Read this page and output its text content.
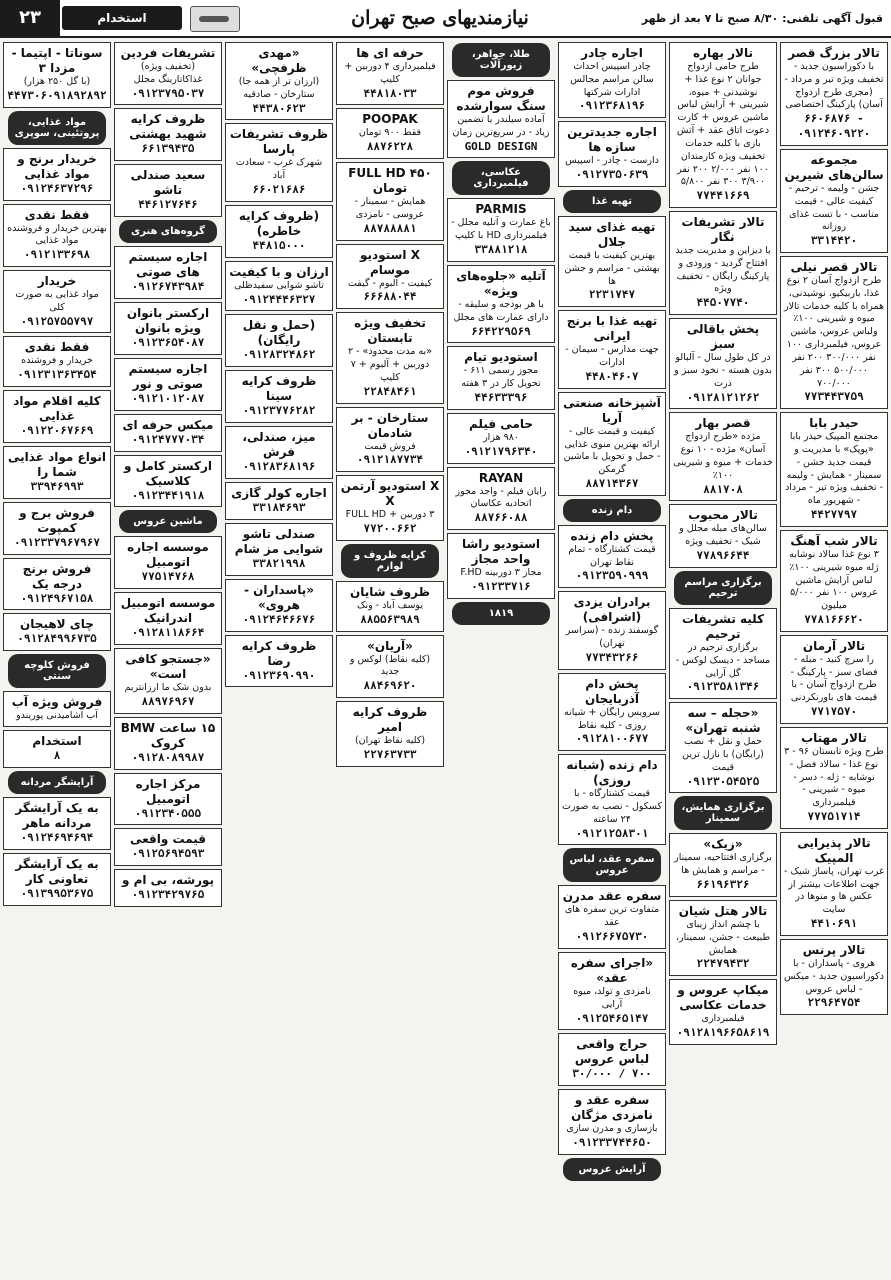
۲۳	استخدام	نیازمندیهای صبح تهران	قبول آگهی تلفنی: ۸/۳۰ صبح تا ۷ بعد از ظهر
تالار بزرگ قصر
با دکوراسیون جدید - تخفیف ویژه تیر و مرداد - (مجری طرح ازدواج آسان) پارکینگ اختصاصی
۶۶۰۶۸۷۶ - ۰۹۱۲۴۶۰۹۲۲۰
مجموعه سالن‌های شیرین
جشن - ولیمه - ترحیم - کیفیت عالی - قیمت مناسب - با تست غذای روزانه
۳۳۱۴۴۲۰
تالار قصر نیلی
طرح ازدواج آسان ۲ نوع غذا، باربیکیو، نوشیدنی، همراه با کلیه خدمات تالار میوه و شیرینی ۱۰۰٪ ولباس عروس، ماشین عروس، فیلمبرداری ۱۰۰ نفر ۳۰۰/۰۰۰ ۲۰۰ نفر ۵۰۰/۰۰۰ ۳۰۰ نفر ۷۰۰/۰۰۰
۷۷۳۴۴۳۷۵۹
حیدر بابا
مجتمع المپیک حیدر بابا «پوپک» با مدیریت و قیمت جدید جشن - سمینار - همایش - ولیمه - تخفیف ویژه تیر - مرداد - شهریور ماه
۴۴۲۷۷۹۷
تالار شب آهنگ
۳ نوع غذا سالاد نوشابه ژله میوه شیرینی ۱۰۰٪ لباس آرایش ماشین عروس ۱۰۰ نفر ۵/۰۰۰ میلیون
۷۷۸۱۶۶۶۲۰
تالار آرمان
را سرچ کنید - مبله - فضای سبز - پارکینگ - طرح ازدواج آسان - با قیمت های باورنکردنی
۷۷۱۷۵۷۰
تالار مهتاب
طرح ویژه تابستان ۹۶ - ۳ نوع غذا - سالاد فصل - نوشابه - ژله - دسر - میوه - شیرینی - فیلمبرداری
۷۷۷۵۱۷۱۴
تالار پذیرایی المپیک
غرب تهران، پاساژ شیک - جهت اطلاعات بیشتر از عکس ها و منوها در سایت
۴۴۱۰۶۹۱
تالار پرنس
هروی - پاسداران - با دکوراسیون جدید - میکس - لباس عروس
۲۲۹۶۴۷۵۴
تالار بهاره
طرح حامی ازدواج جوانان ۲ نوع غذا + نوشیدنی + میوه، شیرینی + آرایش لباس ماشین عروس + کارت دعوت اتاق عقد + آتش بازی با کلیه خدمات تخفیف ویژه کارمندان ۱۰۰ نفر ۲/۰۰۰ ۲۰۰ نفر ۳/۹۰۰ ۳۰۰ نفر ۵/۸۰۰
۷۷۴۴۱۶۶۹
تالار تشریفات نگار
با دیزاین و مدیریت جدید افتتاح گردید - ورودی و پارکینگ رایگان - تخفیف ویژه
۴۴۵۰۷۷۴۰
پخش باقالی سبز
در کل طول سال - آلبالو بدون هسته - نخود سبز و ذرت
۰۹۱۲۸۱۲۱۲۶۲
قصر بهار
مژده «طرح ازدواج آسان» مژده - ۱۰ نوع خدمات + میوه و شیرینی ۱۰۰٪
۸۸۱۷۰۸
تالار محبوب
سالن‌های مبله مجلل و شیک - تخفیف ویژه
۷۷۸۹۶۶۴۴
برگزاری مراسم ترحیم
کلیه تشریفات ترحیم
برگزاری ترحیم در مساجد - دیسک لوکس - گل آرایی
۰۹۱۲۳۵۸۱۳۴۶
«حجله – سه شنبه تهران»
حمل و نقل + نصب (رایگان) با نازل ترین قیمت
۰۹۱۲۳۰۵۴۵۲۵
برگزاری همایش، سمینار
«زیک»
برگزاری افتتاحیه، سمینار - مراسم و همایش ها
۶۶۱۹۶۳۲۶
تالار هتل شیان
با چشم انداز زیبای طبیعت - جشن، سمینار، همایش
۲۲۴۷۹۴۳۲
میکاپ عروس و خدمات عکاسی
فیلمبرداری
۰۹۱۲۸۱۹۶۶۵۸۶۱۹
اجاره چادر
چادر اسپیس احداث سالن مراسم مجالس ادارات شرکتها
۰۹۱۲۳۶۸۱۹۶
اجاره جدیدترین سازه ها
دارست - چادر - اسپیس
۰۹۱۲۷۳۵۰۶۳۹
تهیه غذا
تهیه غذای سید جلال
بهترین کیفیت با قیمت بهشتی - مراسم و جشن ها
۲۲۳۱۷۴۷
تهیه غذا با برنج ایرانی
جهت مدارس - سیمان - ادارات
۴۴۸۰۴۶۰۷
آشپزخانه صنعتی آریا
کیفیت و قیمت عالی - ارائه بهترین منوی غذایی - حمل و تحویل با ماشین گرمکن
۸۸۷۱۴۳۶۷
دام زنده
پخش دام زنده
قیمت کشتارگاه - تمام نقاط تهران
۰۹۱۲۳۵۹۰۹۹۹
برادران یزدی (اشرافی)
گوسفند زنده - (سراسر تهران)
۷۷۳۴۳۲۶۶
پخش دام آذربایجان
سرویس رایگان + شیانه روزی - کلیه نقاط
۰۹۱۲۸۱۰۰۶۷۷
دام زنده (شبانه روزی)
قیمت کشتارگاه - با کسکول - نصب به صورت ۲۴ ساعته
۰۹۱۲۱۲۵۸۳۰۱
سفره عقد، لباس عروس
سفره عقد مدرن
متفاوت ترین سفره های عقد
۰۹۱۲۶۶۷۵۷۳۰
«اجرای سفره عقد»
نامزدی و تولد، میوه آرایی
۰۹۱۲۵۴۶۵۱۴۷
حراج واقعی لباس عروس
۳۰/۰۰۰ / ۷۰۰
سفره عقد و نامزدی مژگان
بازسازی و مدرن سازی
۰۹۱۲۳۳۷۴۴۶۵۰
آرایش عروس
طلا، جواهر، زیورآلات
فروش موم سنگ سوارشده
آماده سیلندر با تضمین زیاد - در سریع‌ترین زمان
GOLD DESIGN
عکاسی، فیلمبرداری
PARMIS
باغ عمارت و آتلیه مجلل - فیلمبرداری HD با کلیپ
۳۳۸۸۱۲۱۸
آتلیه «جلوه‌های ویژه»
با هر بودجه و سلیقه - دارای عمارت های مجلل
۶۶۴۲۲۹۵۶۹
استودیو تیام
مجوز رسمی ۶۱۱ - تحویل کار در ۳ هفته
۴۴۶۳۳۳۹۶
حامی فیلم
۹۸۰ هزار
۰۹۱۲۱۷۹۶۳۴۰
RAYAN
رایان فیلم - واجد مجوز اتحادیه عکاسان
۸۸۷۶۶۰۸۸
استودیو راشا واحد مجاز
مجاز ۳ دوربینه F.HD
۰۹۱۲۳۳۷۱۶
۱۸۱۹
حرفه ای ها
فیلمبرداری ۴ دوربین + کلیپ
۴۴۸۱۸۰۳۳
POOPAK
فقط ۹۰۰ تومان
۸۸۷۶۲۲۸
FULL HD ۴۵۰ تومان
همایش - سمینار - عروسی - نامزدی
۸۸۷۸۸۸۸۱
X استودیو موسام
کیفیت - آلبوم - گیفت
۶۶۶۸۸۰۴۴
تخفیف ویژه تابستان
«به مدت محدود» - ۲ دوربین + آلبوم + ۷ کلیپ
۲۲۸۴۸۴۶۱
ستارخان - بر شادمان
فروش قیمت
۰۹۱۲۱۸۷۷۳۴
X استودیو آرتمن X
۳ دوربین + FULL HD
۷۷۲۰۰۶۶۲
کرایه ظروف و لوازم
ظروف شایان
یوسف آباد - ونک
۸۸۵۵۶۳۹۸۹
«آریان»
(کلیه نقاط) لوکس و جدید
۸۸۴۶۹۶۲۰
ظروف کرایه امیر
(کلیه نقاط تهران)
۲۲۷۶۳۷۳۳
«مهدی ظرفچی»
(ارزان تر از همه جا) ستارخان - صادقیه
۴۴۳۸۰۶۲۳
ظروف تشریفات پارسا
شهرک غرب - سعادت آباد
۶۶۰۲۱۶۸۶
(ظروف کرایه خاطره)
۴۴۸۱۵۰۰۰
ارزان و با کیفیت
تاشو شوایی سفیدظلی
۰۹۱۲۴۴۴۶۳۲۷
(حمل و نقل رایگان)
۰۹۱۲۸۳۲۴۸۶۲
ظروف کرایه سینا
۰۹۱۲۳۷۷۶۲۸۲
میز، صندلی، فرش
۰۹۱۲۸۳۶۸۱۹۶
اجاره کولر گازی
۳۳۱۸۴۶۹۳
صندلی تاشو شوایی مز شام
۳۳۸۲۱۹۹۸
«پاسداران - هروی»
۰۹۱۲۴۶۴۶۶۷۶
ظروف کرایه رضا
۰۹۱۲۳۶۹۰۹۹۰
تشریفات فردین
(تخفیف ویژه) غذاکاتارینگ مجلل
۰۹۱۲۳۷۹۵۰۳۷
ظروف کرایه شهید بهشتی
۶۶۱۳۹۴۳۵
سعید صندلی تاشو
۴۴۶۱۲۷۶۴۶
گروه‌های هنری
اجاره سیستم های صوتی
۰۹۱۲۶۷۴۳۹۸۴
ارکستر بانوان ویژه بانوان
۰۹۱۲۳۶۵۴۰۸۷
اجاره سیستم صوتی و نور
۰۹۱۲۱۰۱۲۰۸۷
میکس حرفه ای
۰۹۱۲۴۷۷۷۰۳۴
ارکستر کامل و کلاسیک
۰۹۱۲۳۴۴۱۹۱۸
ماشین عروس
موسسه اجاره اتومبیل
۷۷۵۱۴۷۶۸
موسسه اتومبیل اندرانیک
۰۹۱۲۸۱۱۸۶۶۴
«جستجو کافی است»
بدون شک ما ارزانتریم
۸۸۹۷۶۹۶۷
۱۵ ساعت BMW کروک
۰۹۱۲۸۰۸۹۹۸۷
مرکز اجاره اتومبیل
۰۹۱۲۳۴۰۵۵۵
قیمت واقعی
۰۹۱۲۵۶۹۴۵۹۳
پورشه، بی ام و
۰۹۱۲۳۴۲۹۷۶۵
سوناتا - اپتیما - مزدا ۳
(با گل ۲۵۰ هزار)
۴۴۷۳۰۶۰۹۱۸۹۲۸۹۲
مواد غذایی، پروتئینی، سوپری
خریدار برنج و مواد غذایی
۰۹۱۲۴۶۳۷۲۹۶
فقط نقدی
بهترین خریدار و فروشنده مواد غذایی
۰۹۱۲۱۳۳۶۹۸
خریدار
مواد غذایی به صورت کلی
۰۹۱۲۵۷۵۵۷۹۷
فقط نقدی
خریدار و فروشنده
۰۹۱۲۳۱۳۶۳۴۵۴
کلیه اقلام مواد غذایی
۰۹۱۲۲۰۶۷۶۶۹
انواع مواد غذایی شما را
۳۳۹۴۶۹۹۳
فروش برج و کمپوت
۰۹۱۲۳۳۷۹۶۷۹۶۷
فروش برنج درجه یک
۰۹۱۲۴۹۶۷۱۵۸
چای لاهیجان
۰۹۱۲۸۴۹۹۶۷۳۵
فروش کلوچه سنتی
فروش ویژه آب
آب آشامیدنی پوریندو
استخدام
۸
آرایشگر مردانه
به یک آرایشگر مردانه ماهر
۰۹۱۲۴۶۹۴۶۹۴
به یک آرایشگر تعاونی کار
۰۹۱۳۹۹۵۳۶۷۵
